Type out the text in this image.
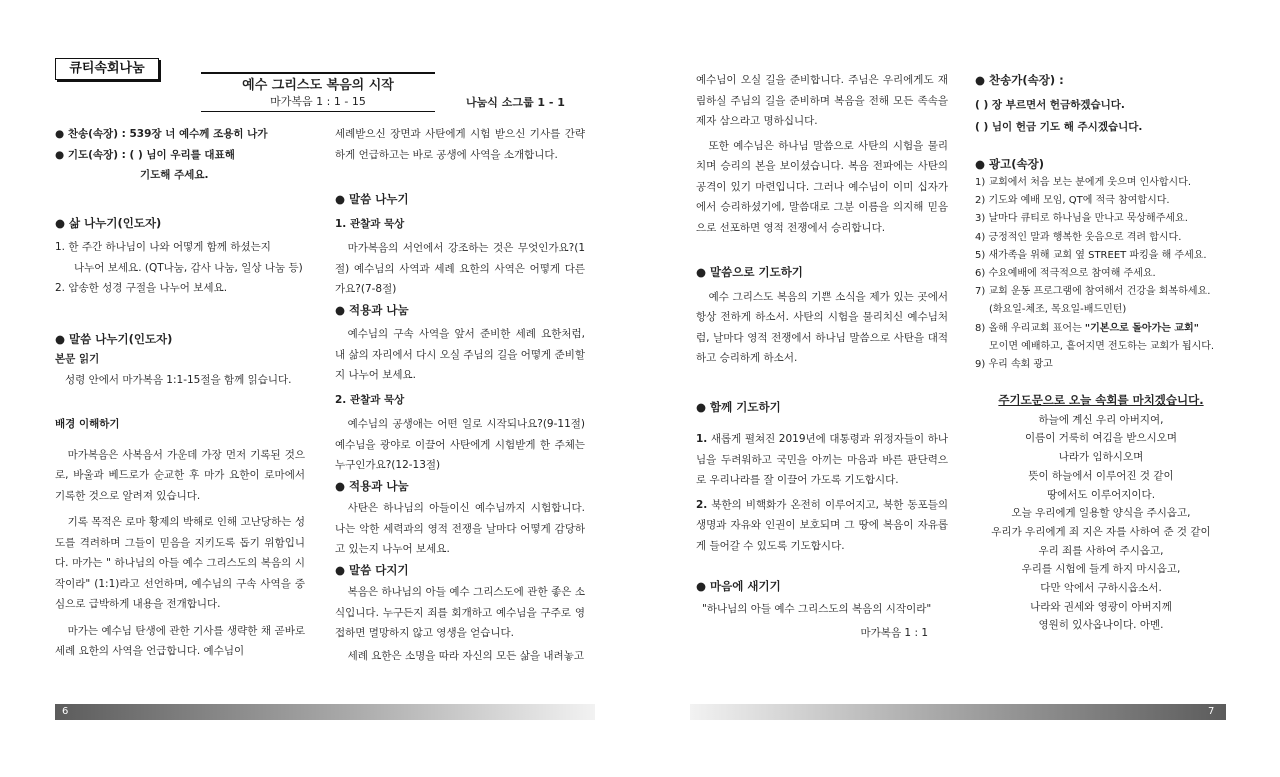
큐티속회나눔
예수 그리스도 복음의 시작
마가복음 1 : 1 - 15	나눔식 소그룹 1 - 1

● 찬송(속장) : 539장 너 예수께 조용히 나가

● 기도(속장) : ( ) 님이 우리를 대표해

기도해 주세요.

● 삶 나누기(인도자)

1. 한 주간 하나님이 나와 어떻게 함께 하셨는지

나누어 보세요. (QT나눔, 감사 나눔, 일상 나눔 등)

2. 암송한 성경 구절을 나누어 보세요.

● 말씀 나누기(인도자)

본문 읽기

성령 안에서 마가복음 1:1-15절을 함께 읽습니다.

배경 이해하기

마가복음은 사복음서 가운데 가장 먼저 기록된 것으로, 바울과 베드로가 순교한 후 마가 요한이 로마에서 기록한 것으로 알려져 있습니다.

기록 목적은 로마 황제의 박해로 인해 고난당하는 성도를 격려하며 그들이 믿음을 지키도록 돕기 위함입니다. 마가는 " 하나님의 아들 예수 그리스도의 복음의 시작이라" (1:1)라고 선언하며, 예수님의 구속 사역을 중심으로 급박하게 내용을 전개합니다.

마가는 예수님 탄생에 관한 기사를 생략한 채 곧바로 세례 요한의 사역을 언급합니다. 예수님이

세례받으신 장면과 사탄에게 시험 받으신 기사를 간략하게 언급하고는 바로 공생에 사역을 소개합니다.

● 말씀 나누기

1. 관찰과 묵상

마가복음의 서언에서 강조하는 것은 무엇인가요?(1절) 예수님의 사역과 세례 요한의 사역은 어떻게 다른가요?(7-8절)

● 적용과 나눔

예수님의 구속 사역을 앞서 준비한 세례 요한처럼, 내 삶의 자리에서 다시 오실 주님의 길을 어떻게 준비할지 나누어 보세요.

2. 관찰과 묵상

예수님의 공생애는 어떤 일로 시작되나요?(9-11절) 예수님을 광야로 이끌어 사탄에게 시험받게 한 주체는 누구인가요?(12-13절)

● 적용과 나눔

사탄은 하나님의 아들이신 예수님까지 시험합니다. 나는 악한 세력과의 영적 전쟁을 날마다 어떻게 감당하고 있는지 나누어 보세요.

● 말씀 다지기

복음은 하나님의 아들 예수 그리스도에 관한 좋은 소식입니다. 누구든지 죄를 회개하고 예수님을 구주로 영접하면 멸망하지 않고 영생을 얻습니다.

세례 요한은 소명을 따라 자신의 모든 삶을 내려놓고

예수님이 오실 길을 준비합니다. 주님은 우리에게도 재림하실 주님의 길을 준비하며 복음을 전해 모든 족속을 제자 삼으라고 명하십니다.

또한 예수님은 하나님 말씀으로 사탄의 시험을 물리치며 승리의 본을 보이셨습니다. 복음 전파에는 사탄의 공격이 있기 마련입니다. 그러나 예수님이 이미 십자가에서 승리하셨기에, 말씀대로 그분 이름을 의지해 믿음으로 선포하면 영적 전쟁에서 승리합니다.

● 말씀으로 기도하기

예수 그리스도 복음의 기쁜 소식을 제가 있는 곳에서 항상 전하게 하소서. 사탄의 시험을 물리치신 예수님처럼, 날마다 영적 전쟁에서 하나님 말씀으로 사탄을 대적하고 승리하게 하소서.

● 함께 기도하기

1. 새롭게 펼쳐진 2019년에 대통령과 위정자들이 하나님을 두려워하고 국민을 아끼는 마음과 바른 판단력으로 우리나라를 잘 이끌어 가도록 기도합시다.

2. 북한의 비핵화가 온전히 이루어지고, 북한 동포들의 생명과 자유와 인권이 보호되며 그 땅에 복음이 자유롭게 들어갈 수 있도록 기도합시다.

● 마음에 새기기

"하나님의 아들 예수 그리스도의 복음의 시작이라"

마가복음 1 : 1

● 찬송가(속장) :

( ) 장 부르면서 헌금하겠습니다.

( ) 님이 헌금 기도 해 주시겠습니다.

● 광고(속장)

1) 교회에서 처음 보는 분에게 웃으며 인사합시다.

2) 기도와 예배 모임, QT에 적극 참여합시다.

3) 날마다 큐티로 하나님을 만나고 묵상해주세요.

4) 긍정적인 말과 행복한 웃음으로 격려 합시다.

5) 새가족을 위해 교회 옆 STREET 파킹을 해 주세요.

6) 수요예배에 적극적으로 참여해 주세요.

7) 교회 운동 프로그램에 참여해서 건강을 회복하세요.

(화요일-체조, 목요일-배드민턴)

8) 올해 우리교회 표어는 "기본으로 돌아가는 교회"

모이면 예배하고, 흩어지면 전도하는 교회가 됩시다.

9) 우리 속회 광고

주기도문으로 오늘 속회를 마치겠습니다.

하늘에 계신 우리 아버지여,

이름이 거룩히 여김을 받으시오며

나라가 임하시오며

뜻이 하늘에서 이루어진 것 같이

땅에서도 이루어지이다.

오늘 우리에게 일용할 양식을 주시옵고,

우리가 우리에게 죄 지은 자를 사하여 준 것 같이

우리 죄를 사하여 주시옵고,

우리를 시험에 들게 하지 마시옵고,

다만 악에서 구하시옵소서.

나라와 권세와 영광이 아버지께

영원히 있사옵나이다. 아멘.

6	7
